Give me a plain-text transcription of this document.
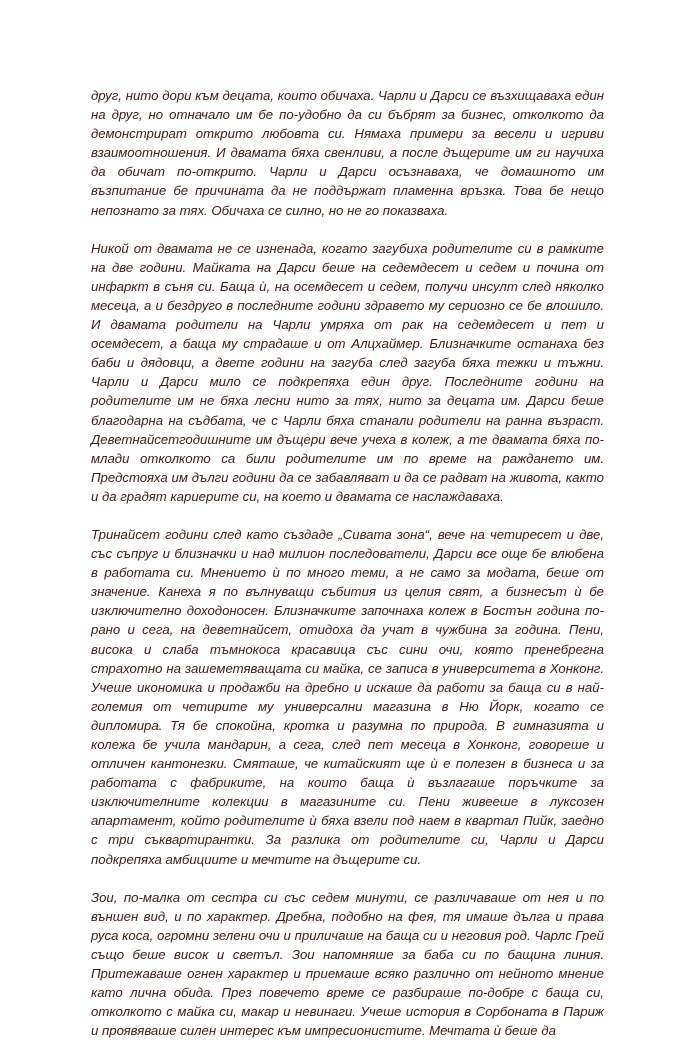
друг, нито дори към децата, които обичаха. Чарли и Дарси се възхищаваха един на друг, но отначало им бе по-удобно да си бъбрят за бизнес, отколкото да демонстрират открито любовта си. Нямаха примери за весели и игриви взаимоотношения. И двамата бяха свенливи, а после дъщерите им ги научиха да обичат по-открито. Чарли и Дарси осъзнаваха, че домашното им възпитание бе причината да не поддържат пламенна връзка. Това бе нещо непознато за тях. Обичаха се силно, но не го показваха.

Никой от двамата не се изненада, когато загубиха родителите си в рамките на две години. Майката на Дарси беше на седемдесет и седем и почина от инфаркт в съня си. Баща ѝ, на осемдесет и седем, получи инсулт след няколко месеца, а и бездруго в последните години здравето му сериозно се бе влошило. И двамата родители на Чарли умряха от рак на седемдесет и пет и осемдесет, а баща му страдаше и от Алцхаймер. Близначките останаха без баби и дядовци, а двете години на загуба след загуба бяха тежки и тъжни. Чарли и Дарси мило се подкрепяха един друг. Последните години на родителите им не бяха лесни нито за тях, нито за децата им. Дарси беше благодарна на съдбата, че с Чарли бяха станали родители на ранна възраст. Деветнайсетгодишните им дъщери вече учеха в колеж, а те двамата бяха по-млади отколкото са били родителите им по време на раждането им. Предстояха им дълги години да се забавляват и да се радват на живота, както и да градят кариерите си, на което и двамата се наслаждаваха.

Тринайсет години след като създаде „Сивата зона“, вече на четиресет и две, със съпруг и близначки и над милион последователи, Дарси все още бе влюбена в работата си. Мнението ѝ по много теми, а не само за модата, беше от значение. Канеха я по вълнуващи събития из целия свят, а бизнесът ѝ бе изключително доходоносен. Близначките започнаха колеж в Бостън година по-рано и сега, на деветнайсет, отидоха да учат в чужбина за година. Пени, висока и слаба тъмнокоса красавица със сини очи, която пренебрегна страхотно на зашеметяващата си майка, се записа в университета в Хонконг. Учеше икономика и продажби на дребно и искаше да работи за баща си в най-големия от четирите му универсални магазина в Ню Йорк, когато се дипломира. Тя бе спокойна, кротка и разумна по природа. В гимназията и колежа бе учила мандарин, а сега, след пет месеца в Хонконг, говореше и отличен кантонезки. Смяташе, че китайският ще ѝ е полезен в бизнеса и за работата с фабриките, на които баща ѝ възлагаше поръчките за изключителните колекции в магазините си. Пени живееше в луксозен апартамент, който родителите ѝ бяха взели под наем в квартал Пийк, заедно с три съквартирантки. За разлика от родителите си, Чарли и Дарси подкрепяха амбициите и мечтите на дъщерите си.

Зои, по-малка от сестра си със седем минути, се различаваше от нея и по външен вид, и по характер. Дребна, подобно на фея, тя имаше дълга и права руса коса, огромни зелени очи и приличаше на баща си и неговия род. Чарлс Грей също беше висок и светъл. Зои напомняше за баба си по бащина линия. Притежаваше огнен характер и приемаше всяко различно от нейното мнение като лична обида. През повечето време се разбираше по-добре с баща си, отколкото с майка си, макар и невинаги. Учеше история в Сорбоната в Париж и проявяваше силен интерес към импресионистите. Мечтата ѝ беше да
